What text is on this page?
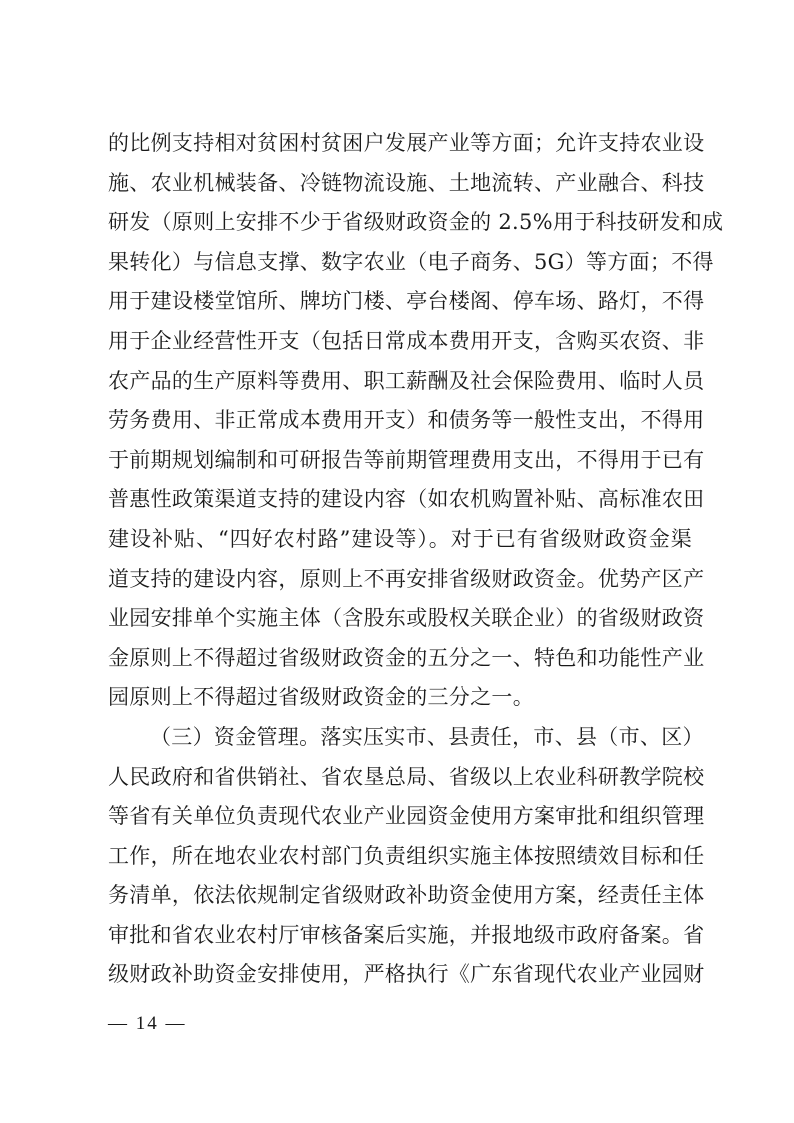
的比例支持相对贫困村贫困户发展产业等方面；允许支持农业设
施、农业机械装备、冷链物流设施、土地流转、产业融合、科技
研发（原则上安排不少于省级财政资金的 2.5%用于科技研发和成
果转化）与信息支撑、数字农业（电子商务、5G）等方面；不得
用于建设楼堂馆所、牌坊门楼、亭台楼阁、停车场、路灯，不得
用于企业经营性开支（包括日常成本费用开支，含购买农资、非
农产品的生产原料等费用、职工薪酬及社会保险费用、临时人员
劳务费用、非正常成本费用开支）和债务等一般性支出，不得用
于前期规划编制和可研报告等前期管理费用支出，不得用于已有
普惠性政策渠道支持的建设内容（如农机购置补贴、高标准农田
建设补贴、“四好农村路”建设等）。对于已有省级财政资金渠
道支持的建设内容，原则上不再安排省级财政资金。优势产区产
业园安排单个实施主体（含股东或股权关联企业）的省级财政资
金原则上不得超过省级财政资金的五分之一、特色和功能性产业
园原则上不得超过省级财政资金的三分之一。
（三）资金管理。落实压实市、县责任，市、县（市、区）
人民政府和省供销社、省农垦总局、省级以上农业科研教学院校
等省有关单位负责现代农业产业园资金使用方案审批和组织管理
工作，所在地农业农村部门负责组织实施主体按照绩效目标和任
务清单，依法依规制定省级财政补助资金使用方案，经责任主体
审批和省农业农村厅审核备案后实施，并报地级市政府备案。省
级财政补助资金安排使用，严格执行《广东省现代农业产业园财
— 14 —
